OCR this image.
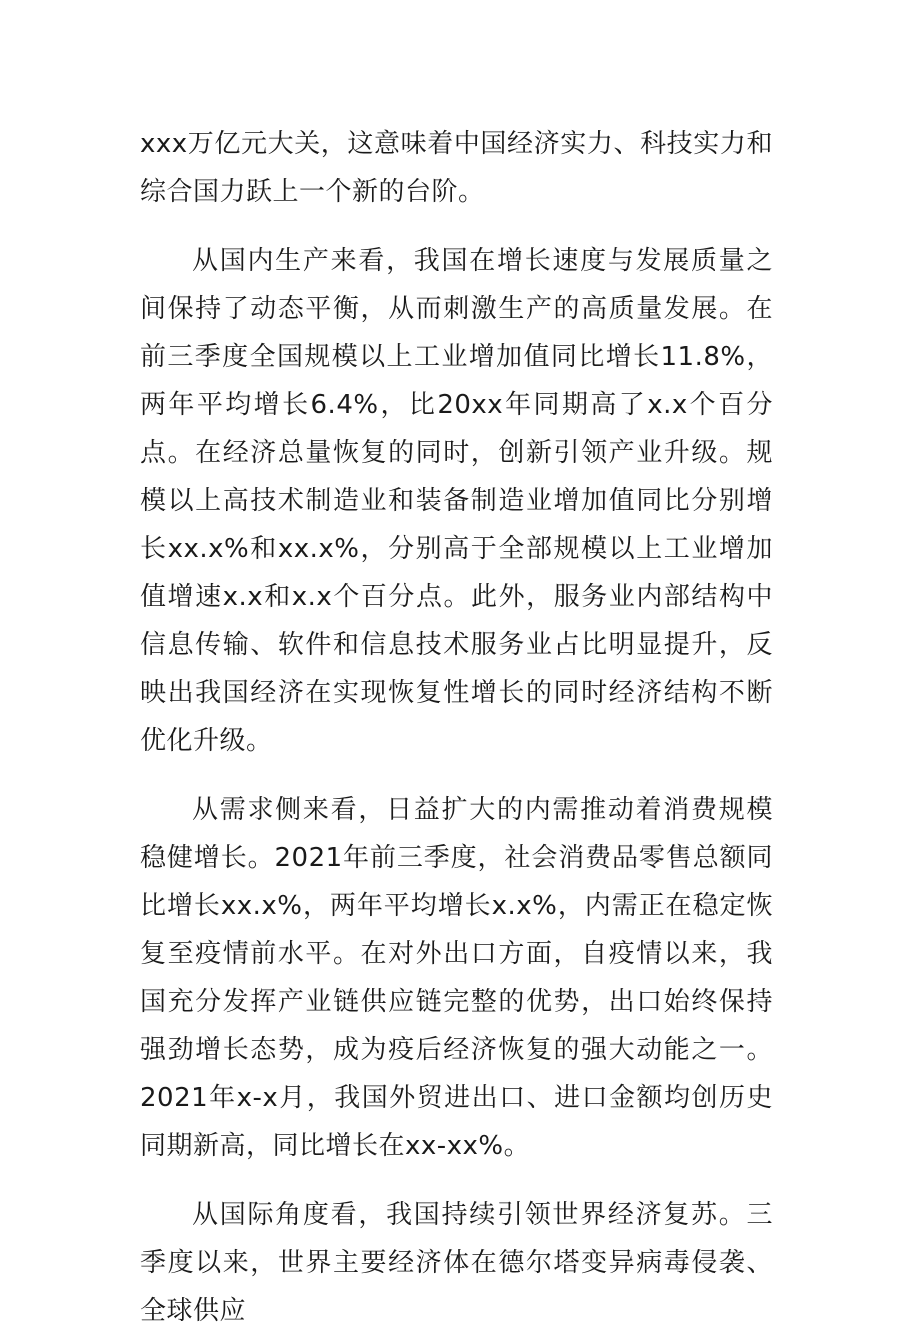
xxx万亿元大关，这意味着中国经济实力、科技实力和综合国力跃上一个新的台阶。

从国内生产来看，我国在增长速度与发展质量之间保持了动态平衡，从而刺激生产的高质量发展。在前三季度全国规模以上工业增加值同比增长11.8%，两年平均增长6.4%，比20xx年同期高了x.x个百分点。在经济总量恢复的同时，创新引领产业升级。规模以上高技术制造业和装备制造业增加值同比分别增长xx.x%和xx.x%，分别高于全部规模以上工业增加值增速x.x和x.x个百分点。此外，服务业内部结构中信息传输、软件和信息技术服务业占比明显提升，反映出我国经济在实现恢复性增长的同时经济结构不断优化升级。

从需求侧来看，日益扩大的内需推动着消费规模稳健增长。2021年前三季度，社会消费品零售总额同比增长xx.x%，两年平均增长x.x%，内需正在稳定恢复至疫情前水平。在对外出口方面，自疫情以来，我国充分发挥产业链供应链完整的优势，出口始终保持强劲增长态势，成为疫后经济恢复的强大动能之一。2021年x-x月，我国外贸进出口、进口金额均创历史同期新高，同比增长在xx-xx%。

从国际角度看，我国持续引领世界经济复苏。三季度以来，世界主要经济体在德尔塔变异病毒侵袭、全球供应
